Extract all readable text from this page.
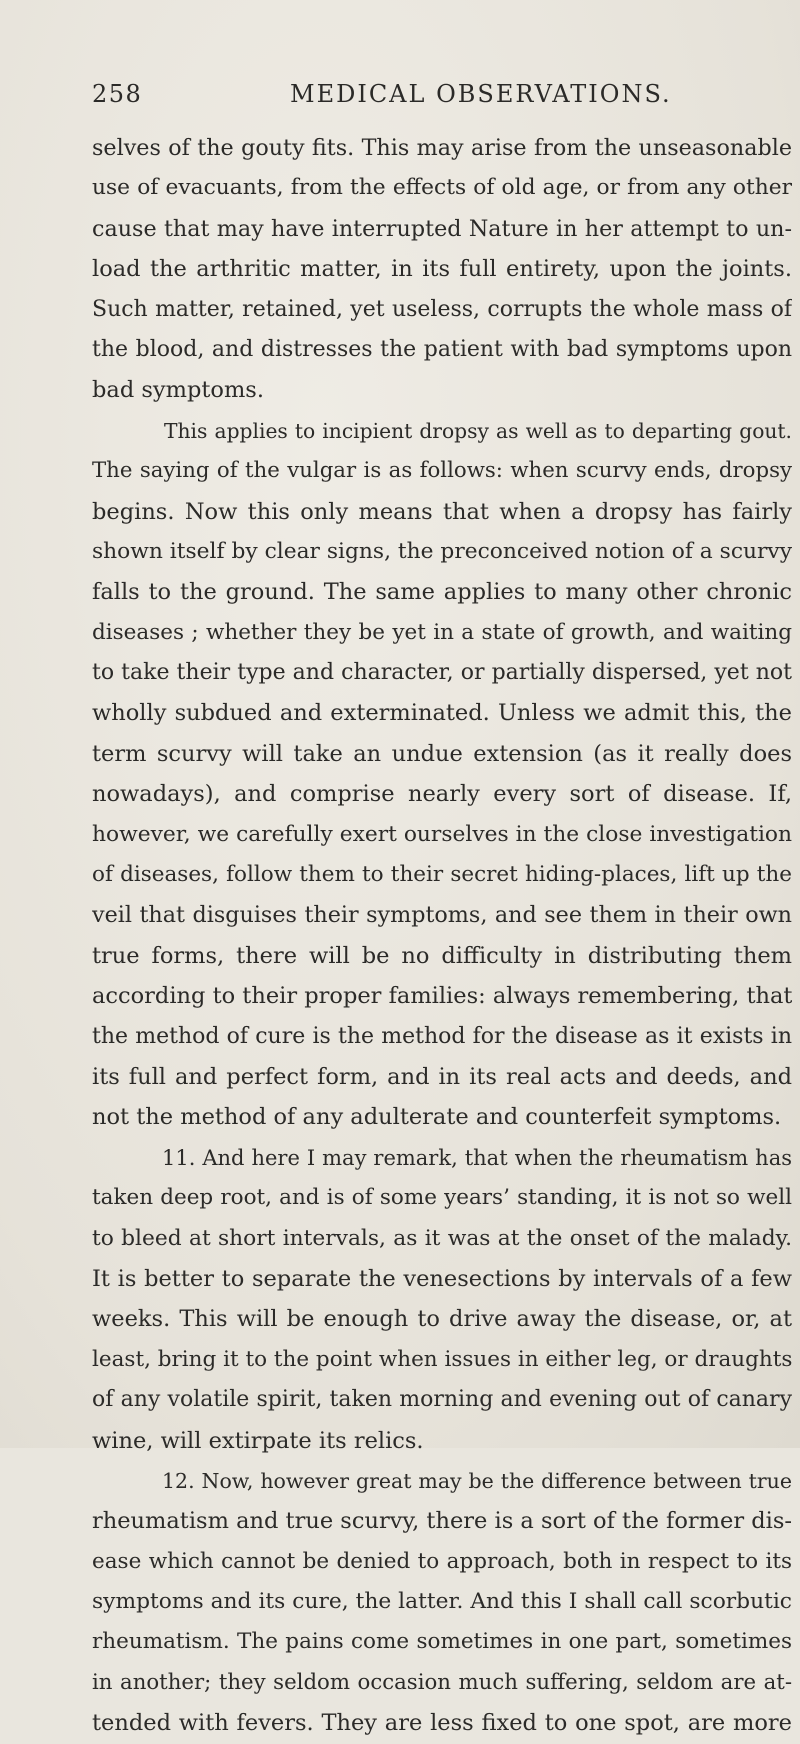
258	MEDICAL OBSERVATIONS.
selves of the gouty fits. This may arise from the unseasonable
use of evacuants, from the effects of old age, or from any other
cause that may have interrupted Nature in her attempt to un-
load the arthritic matter, in its full entirety, upon the joints.
Such matter, retained, yet useless, corrupts the whole mass of
the blood, and distresses the patient with bad symptoms upon
bad symptoms.
This applies to incipient dropsy as well as to departing gout.
The saying of the vulgar is as follows: when scurvy ends, dropsy
begins. Now this only means that when a dropsy has fairly
shown itself by clear signs, the preconceived notion of a scurvy
falls to the ground. The same applies to many other chronic
diseases ; whether they be yet in a state of growth, and waiting
to take their type and character, or partially dispersed, yet not
wholly subdued and exterminated. Unless we admit this, the
term scurvy will take an undue extension (as it really does
nowadays), and comprise nearly every sort of disease. If,
however, we carefully exert ourselves in the close investigation
of diseases, follow them to their secret hiding-places, lift up the
veil that disguises their symptoms, and see them in their own
true forms, there will be no difficulty in distributing them
according to their proper families: always remembering, that
the method of cure is the method for the disease as it exists in
its full and perfect form, and in its real acts and deeds, and
not the method of any adulterate and counterfeit symptoms.
11. And here I may remark, that when the rheumatism has
taken deep root, and is of some years’ standing, it is not so well
to bleed at short intervals, as it was at the onset of the malady.
It is better to separate the venesections by intervals of a few
weeks. This will be enough to drive away the disease, or, at
least, bring it to the point when issues in either leg, or draughts
of any volatile spirit, taken morning and evening out of canary
wine, will extirpate its relics.
12. Now, however great may be the difference between true
rheumatism and true scurvy, there is a sort of the former dis-
ease which cannot be denied to approach, both in respect to its
symptoms and its cure, the latter. And this I shall call scorbutic
rheumatism. The pains come sometimes in one part, sometimes
in another; they seldom occasion much suffering, seldom are at-
tended with fevers. They are less fixed to one spot, are more
